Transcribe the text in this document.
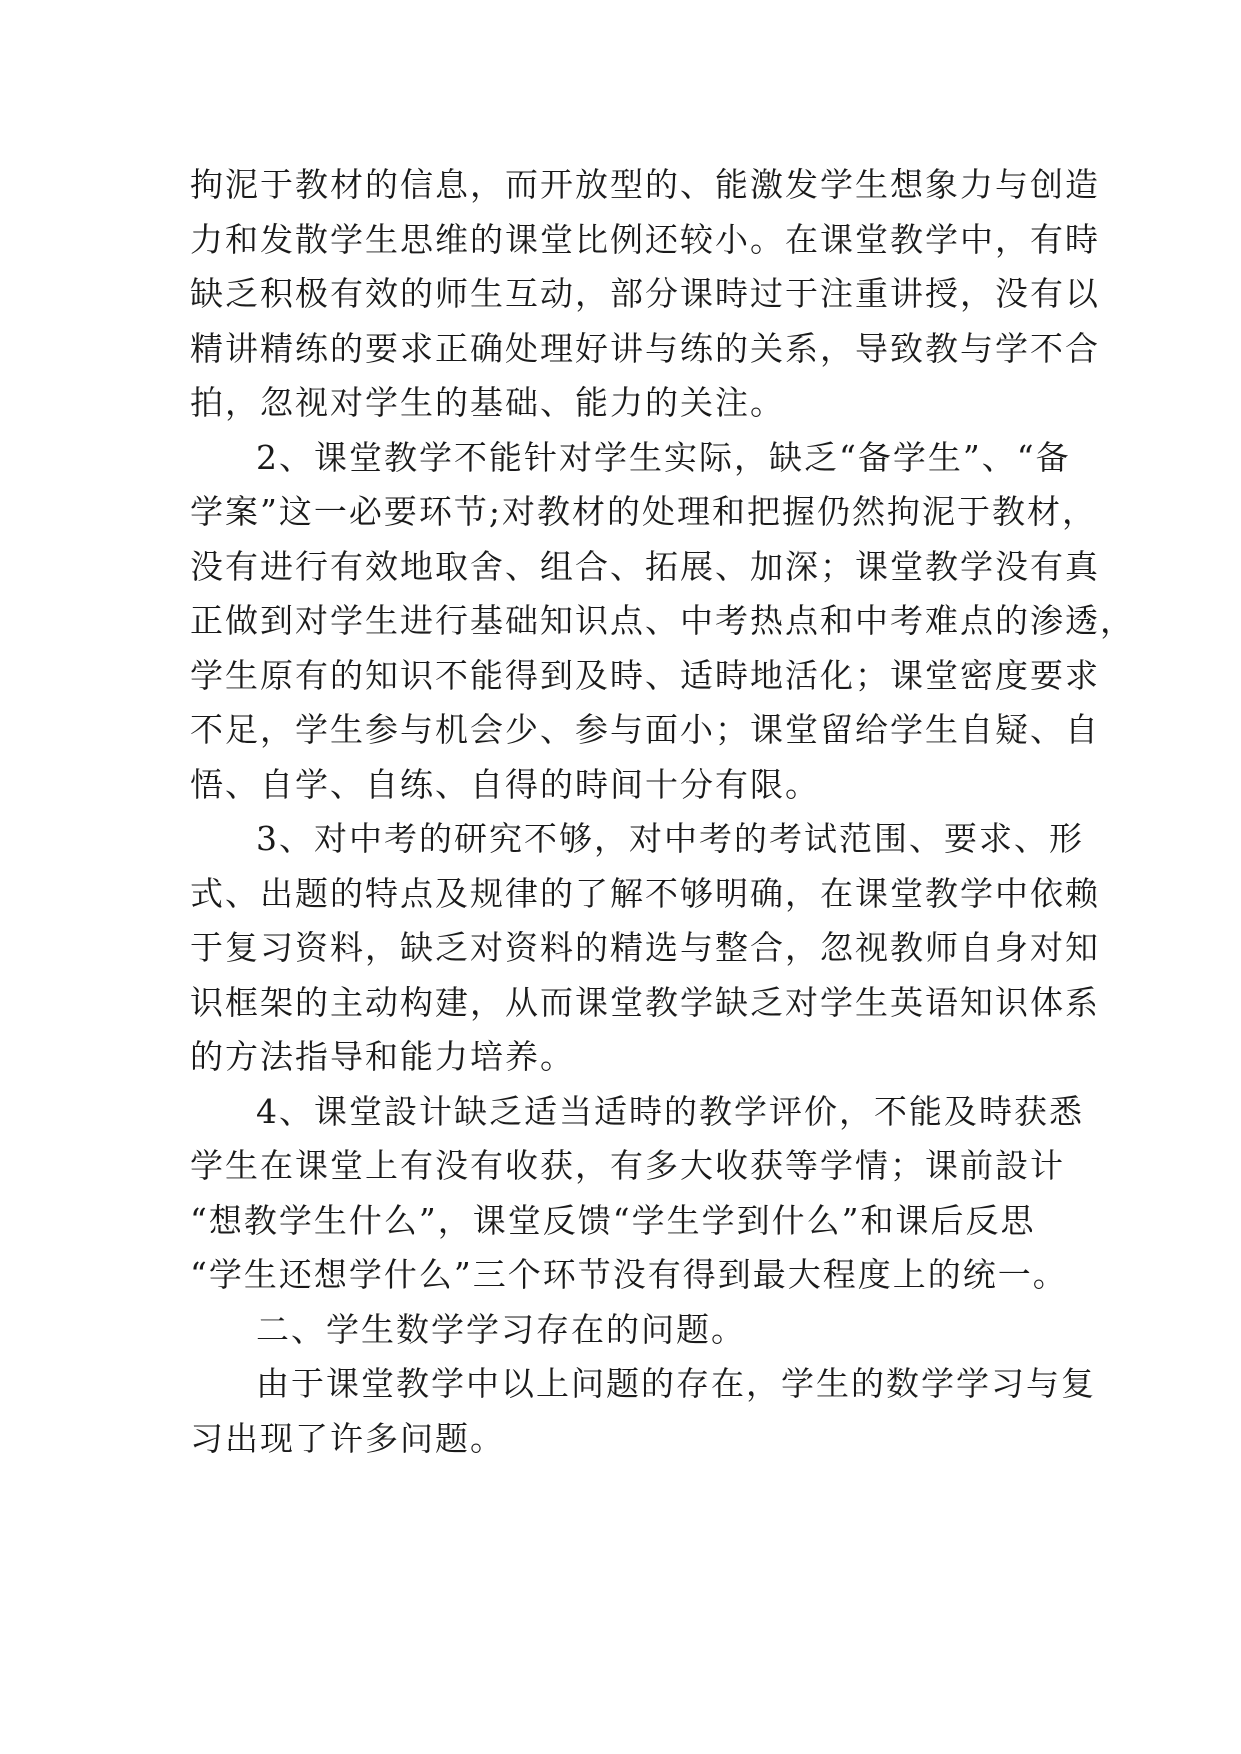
拘泥于教材的信息，而开放型的、能激发学生想象力与创造
力和发散学生思维的课堂比例还较小。在课堂教学中，有時
缺乏积极有效的师生互动，部分课時过于注重讲授，没有以
精讲精练的要求正确处理好讲与练的关系，导致教与学不合
拍，忽视对学生的基础、能力的关注。
2、课堂教学不能针对学生实际，缺乏“备学生”、“备
学案”这一必要环节;对教材的处理和把握仍然拘泥于教材，
没有进行有效地取舍、组合、拓展、加深；课堂教学没有真
正做到对学生进行基础知识点、中考热点和中考难点的渗透，
学生原有的知识不能得到及時、适時地活化；课堂密度要求
不足，学生参与机会少、参与面小；课堂留给学生自疑、自
悟、自学、自练、自得的時间十分有限。
3、对中考的研究不够，对中考的考试范围、要求、形
式、出题的特点及规律的了解不够明确，在课堂教学中依赖
于复习资料，缺乏对资料的精选与整合，忽视教师自身对知
识框架的主动构建，从而课堂教学缺乏对学生英语知识体系
的方法指导和能力培养。
4、课堂設计缺乏适当适時的教学评价，不能及時获悉
学生在课堂上有没有收获，有多大收获等学情；课前設计
“想教学生什么”，课堂反馈“学生学到什么”和课后反思
“学生还想学什么”三个环节没有得到最大程度上的统一。
二、学生数学学习存在的问题。
由于课堂教学中以上问题的存在，学生的数学学习与复
习出现了许多问题。
